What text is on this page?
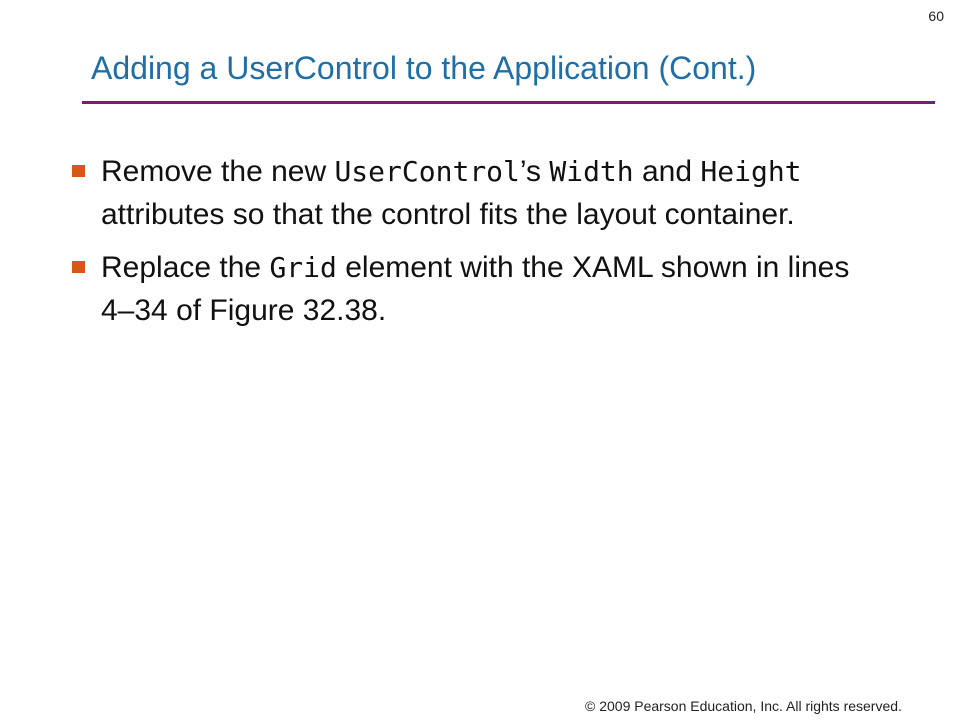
60
Adding a UserControl to the Application (Cont.)
Remove the new UserControl’s Width and Height attributes so that the control fits the layout container.
Replace the Grid element with the XAML shown in lines 4–34 of Figure 32.38.
© 2009 Pearson Education, Inc. All rights reserved.
